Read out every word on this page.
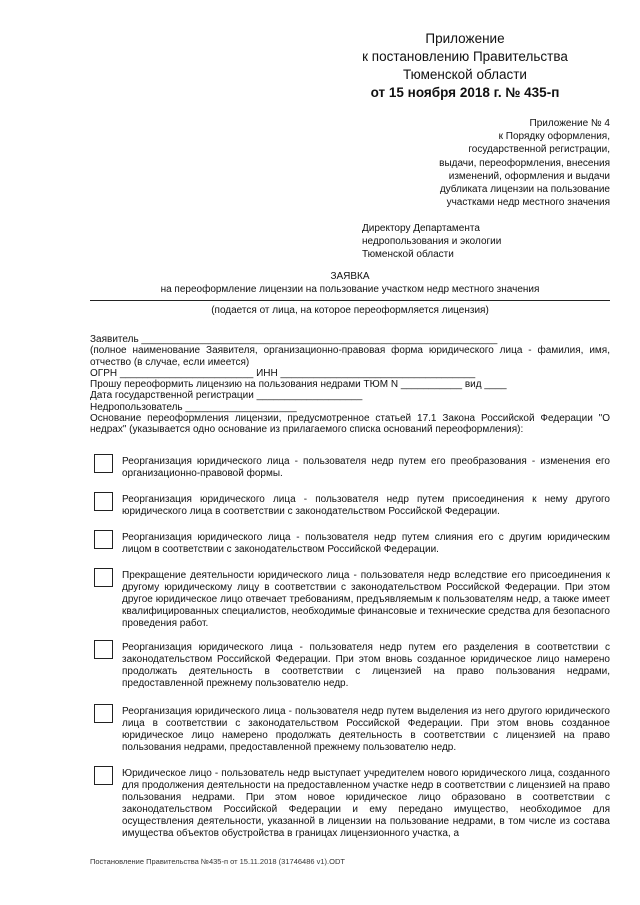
Приложение
к постановлению Правительства
Тюменской области
от 15 ноября 2018 г. № 435-п
Приложение № 4
к Порядку оформления,
государственной регистрации,
выдачи, переоформления, внесения
изменений, оформления и выдачи
дубликата лицензии на пользование
участками недр местного значения
Директору Департамента
недропользования и экологии
Тюменской области
ЗАЯВКА
на переоформление лицензии на пользование участком недр местного значения
(подается от лица, на которое переоформляется лицензия)
Заявитель ________________________________________________________________
(полное наименование Заявителя, организационно-правовая форма юридического лица - фамилия, имя, отчество (в случае, если имеется)
ОГРН ________________________ ИНН ___________________________________
Прошу переоформить лицензию на пользования недрами ТЮМ N ___________ вид ____
Дата государственной регистрации ___________________
Недропользователь ____________________
Основание переоформления лицензии, предусмотренное статьей 17.1 Закона Российской Федерации "О недрах" (указывается одно основание из прилагаемого списка оснований переоформления):
Реорганизация юридического лица - пользователя недр путем его преобразования - изменения его организационно-правовой формы.
Реорганизация юридического лица - пользователя недр путем присоединения к нему другого юридического лица в соответствии с законодательством Российской Федерации.
Реорганизация юридического лица - пользователя недр путем слияния его с другим юридическим лицом в соответствии с законодательством Российской Федерации.
Прекращение деятельности юридического лица - пользователя недр вследствие его присоединения к другому юридическому лицу в соответствии с законодательством Российской Федерации. При этом другое юридическое лицо отвечает требованиям, предъявляемым к пользователям недр, а также имеет квалифицированных специалистов, необходимые финансовые и технические средства для безопасного проведения работ.
Реорганизация юридического лица - пользователя недр путем его разделения в соответствии с законодательством Российской Федерации. При этом вновь созданное юридическое лицо намерено продолжать деятельность в соответствии с лицензией на право пользования недрами, предоставленной прежнему пользователю недр.
Реорганизация юридического лица - пользователя недр путем выделения из него другого юридического лица в соответствии с законодательством Российской Федерации. При этом вновь созданное юридическое лицо намерено продолжать деятельность в соответствии с лицензией на право пользования недрами, предоставленной прежнему пользователю недр.
Юридическое лицо - пользователь недр выступает учредителем нового юридического лица, созданного для продолжения деятельности на предоставленном участке недр в соответствии с лицензией на право пользования недрами. При этом новое юридическое лицо образовано в соответствии с законодательством Российской Федерации и ему передано имущество, необходимое для осуществления деятельности, указанной в лицензии на пользование недрами, в том числе из состава имущества объектов обустройства в границах лицензионного участка, а
Постановление Правительства №435-п от 15.11.2018 (31746486 v1).ODT
